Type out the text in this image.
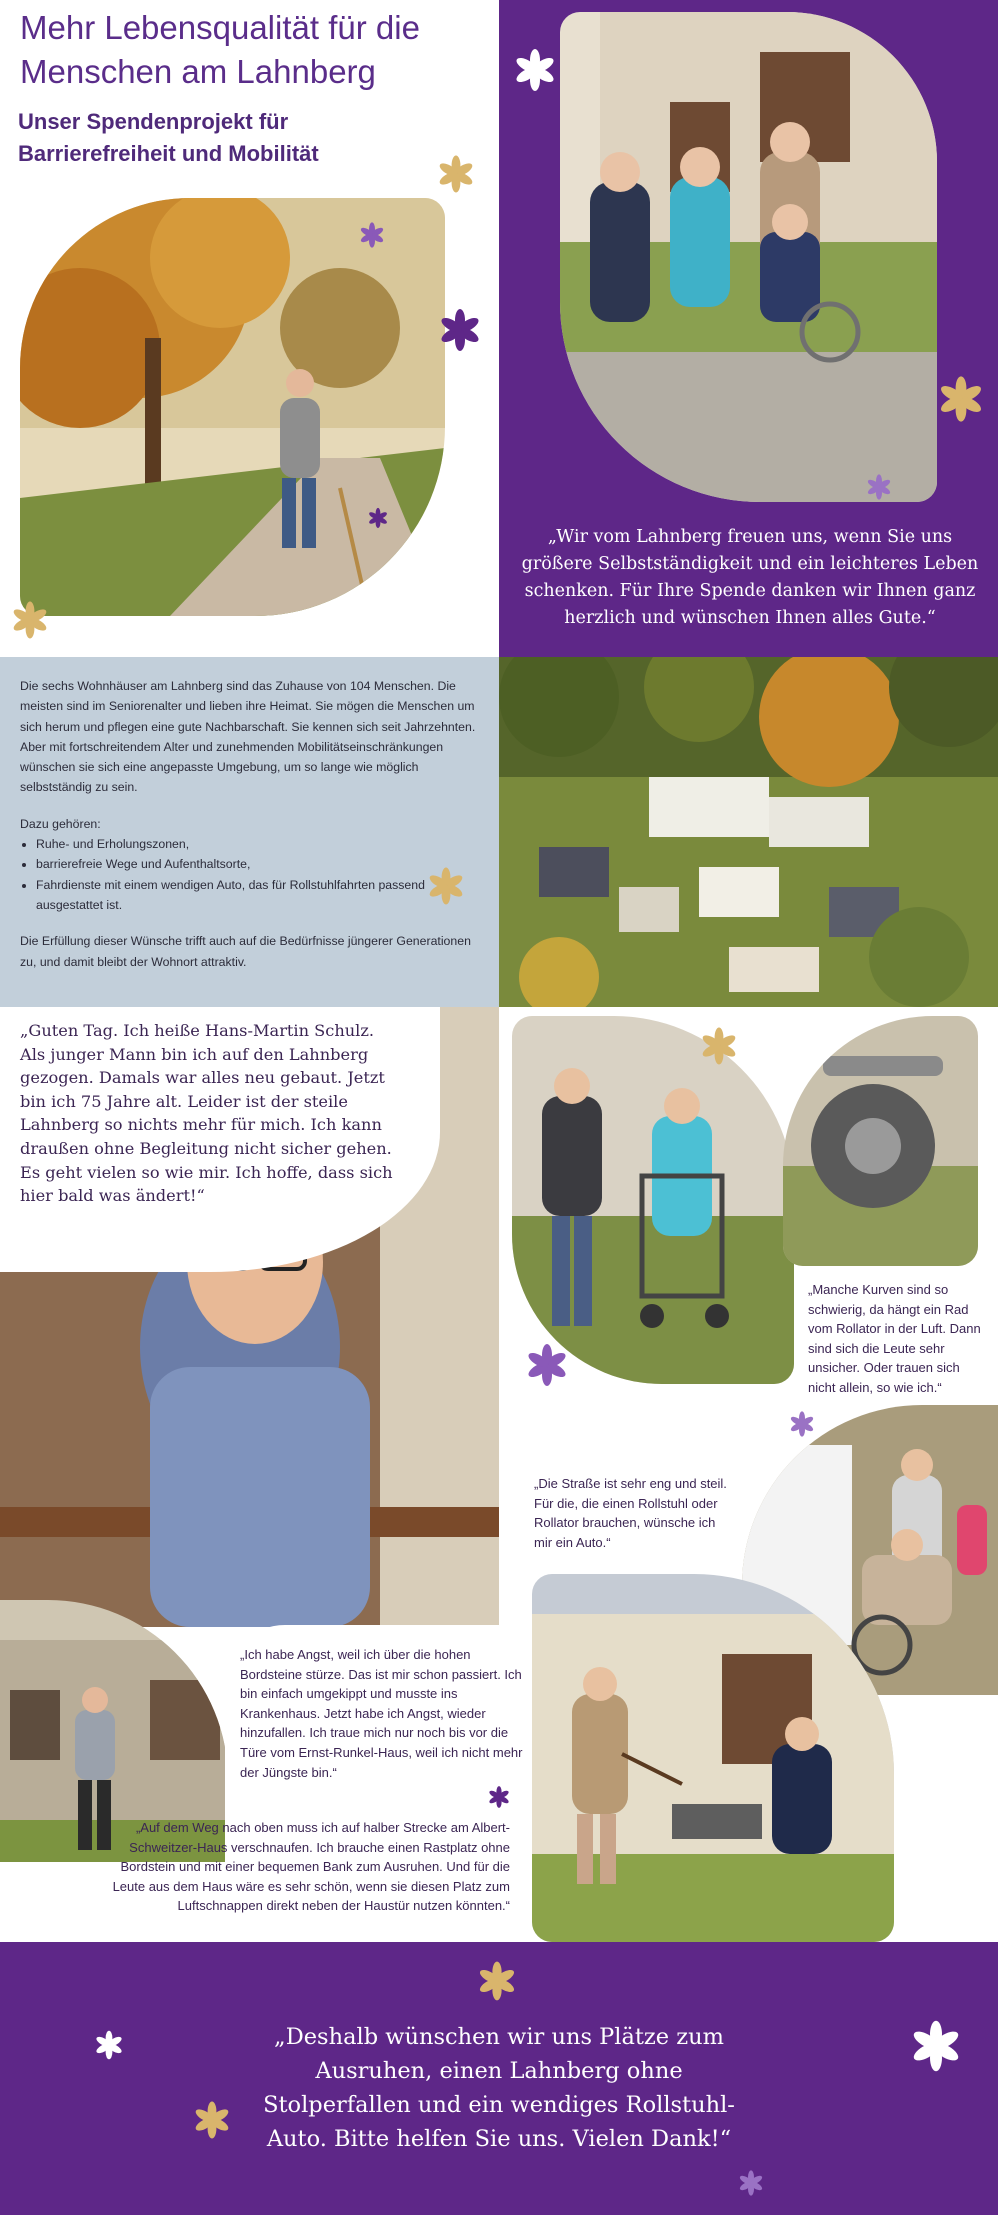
Mehr Lebensqualität für die Menschen am Lahnberg
Unser Spendenprojekt für Barrierefreiheit und Mobilität
„Wir vom Lahnberg freuen uns, wenn Sie uns größere Selbstständigkeit und ein leichteres Leben schenken. Für Ihre Spende danken wir Ihnen ganz herzlich und wünschen Ihnen alles Gute.“

Die sechs Wohnhäuser am Lahnberg sind das Zuhause von 104 Menschen. Die meisten sind im Seniorenalter und lieben ihre Heimat. Sie mögen die Menschen um sich herum und pflegen eine gute Nachbarschaft. Sie kennen sich seit Jahrzehnten. Aber mit fortschreitendem Alter und zunehmenden Mobilitätseinschränkungen wünschen sie sich eine angepasste Umgebung, um so lange wie möglich selbstständig zu sein.

Dazu gehören:

• Ruhe- und Erholungszonen,
• barrierefreie Wege und Aufenthaltsorte,
• Fahrdienste mit einem wendigen Auto, das für Rollstuhlfahrten passend ausgestattet ist.

Die Erfüllung dieser Wünsche trifft auch auf die Bedürfnisse jüngerer Generationen zu, und damit bleibt der Wohnort attraktiv.

„Guten Tag. Ich heiße Hans-Martin Schulz. Als junger Mann bin ich auf den Lahnberg gezogen. Damals war alles neu gebaut. Jetzt bin ich 75 Jahre alt. Leider ist der steile Lahnberg so nichts mehr für mich. Ich kann draußen ohne Begleitung nicht sicher gehen. Es geht vielen so wie mir. Ich hoffe, dass sich hier bald was ändert!“
„Ich habe Angst, weil ich über die hohen Bordsteine stürze. Das ist mir schon passiert. Ich bin einfach umgekippt und musste ins Krankenhaus. Jetzt habe ich Angst, wieder hinzufallen. Ich traue mich nur noch bis vor die Türe vom Ernst-Runkel-Haus, weil ich nicht mehr der Jüngste bin.“
„Auf dem Weg nach oben muss ich auf halber Strecke am Albert-Schweitzer-Haus verschnaufen. Ich brauche einen Rastplatz ohne Bordstein und mit einer bequemen Bank zum Ausruhen. Und für die Leute aus dem Haus wäre es sehr schön, wenn sie diesen Platz zum Luftschnappen direkt neben der Haustür nutzen könnten.“
„Manche Kurven sind so schwierig, da hängt ein Rad vom Rollator in der Luft. Dann sind sich die Leute sehr unsicher. Oder trauen sich nicht allein, so wie ich.“
„Die Straße ist sehr eng und steil. Für die, die einen Rollstuhl oder Rollator brauchen, wünsche ich mir ein Auto.“
„Deshalb wünschen wir uns Plätze zum Ausruhen, einen Lahnberg ohne Stolperfallen und ein wendiges Rollstuhl-Auto. Bitte helfen Sie uns. Vielen Dank!“
